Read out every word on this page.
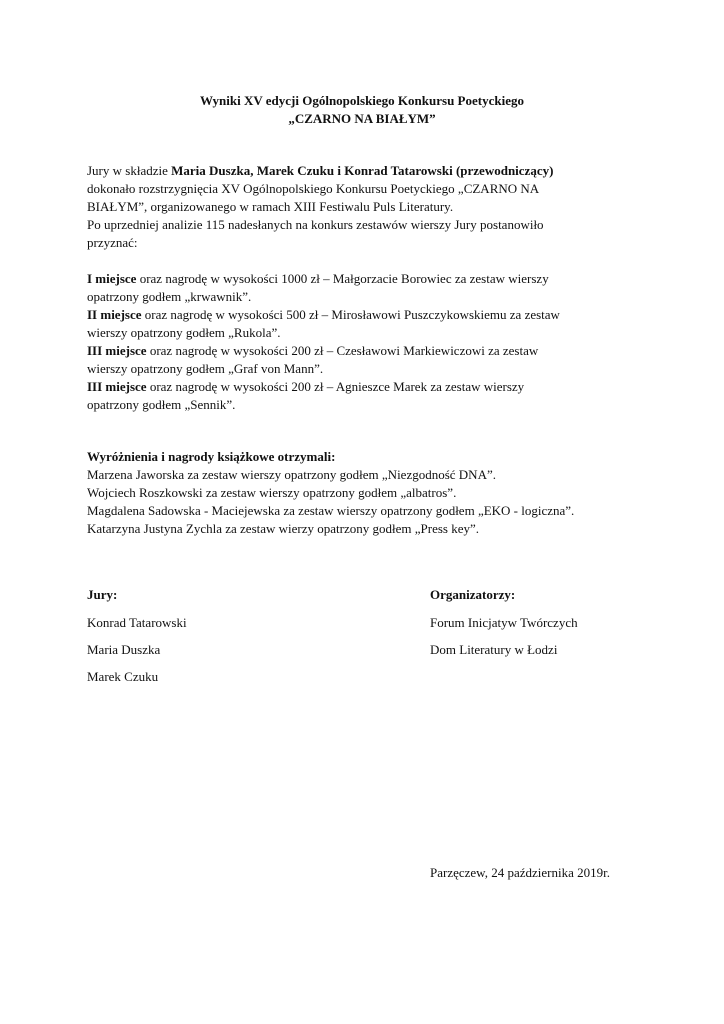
Wyniki XV edycji Ogólnopolskiego Konkursu Poetyckiego
„CZARNO NA BIAŁYM”
Jury w składzie Maria Duszka, Marek Czuku i Konrad Tatarowski (przewodniczący)
dokonało rozstrzygnięcia XV Ogólnopolskiego Konkursu Poetyckiego „CZARNO NA
BIAŁYM”, organizowanego w ramach XIII Festiwalu Puls Literatury.
Po uprzedniej analizie 115 nadesłanych na konkurs zestawów wierszy Jury postanowiło
przyznać:
I miejsce oraz nagrodę w wysokości 1000 zł – Małgorzacie Borowiec za zestaw wierszy
opatrzony godłem „krwawnik”.
II miejsce oraz nagrodę w wysokości 500 zł – Mirosławowi Puszczykowskiemu za zestaw
wierszy opatrzony godłem „Rukola”.
III miejsce oraz nagrodę w wysokości 200 zł – Czesławowi Markiewiczowi za zestaw
wierszy opatrzony godłem „Graf von Mann”.
III miejsce oraz nagrodę w wysokości 200 zł – Agnieszce Marek za zestaw wierszy
opatrzony godłem „Sennik”.
Wyróżnienia i nagrody książkowe otrzymali:
Marzena Jaworska za zestaw wierszy opatrzony godłem „Niezgodność DNA”.
Wojciech Roszkowski za zestaw wierszy opatrzony godłem „albatros”.
Magdalena Sadowska - Maciejewska za zestaw wierszy opatrzony godłem „EKO - logiczna”.
Katarzyna Justyna Zychla za zestaw wierzy opatrzony godłem „Press key”.
Jury:
Konrad Tatarowski
Maria Duszka
Marek Czuku
Organizatorzy:
Forum Inicjatyw Twórczych
Dom Literatury w Łodzi
Parzęczew, 24 października 2019r.
